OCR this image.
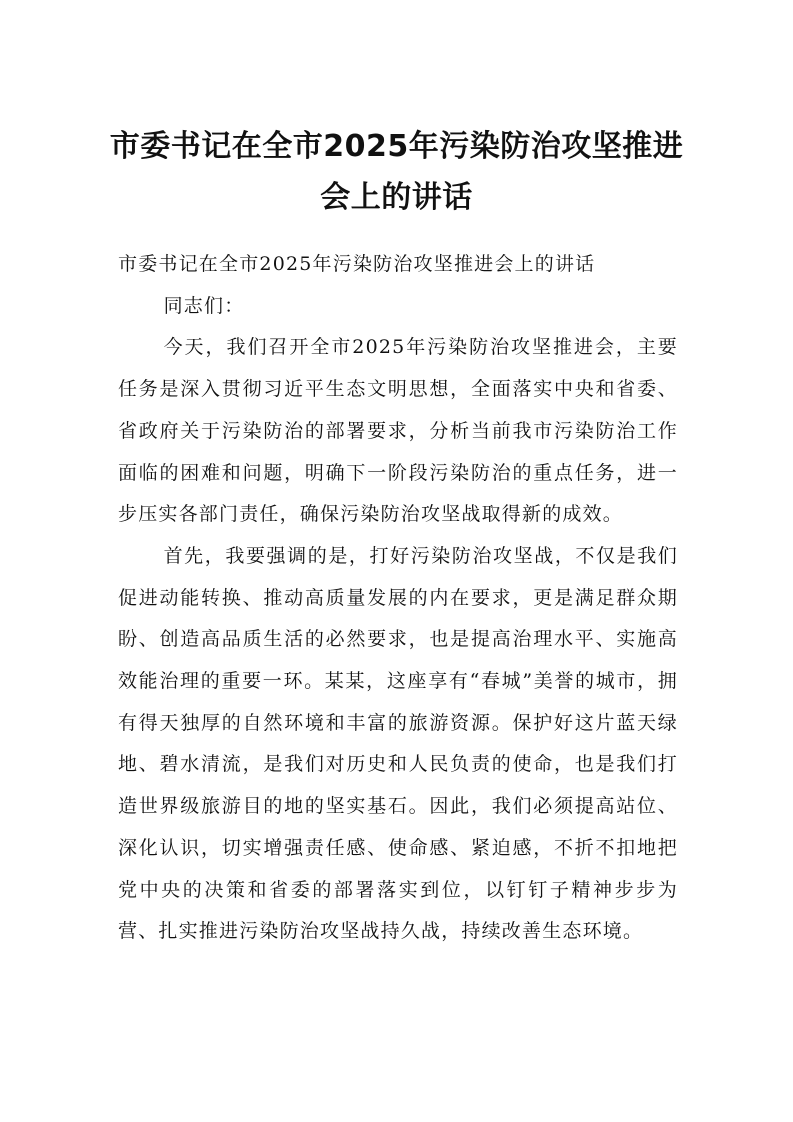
市委书记在全市2025年污染防治攻坚推进
会上的讲话

市委书记在全市2025年污染防治攻坚推进会上的讲话

同志们：

今天，我们召开全市2025年污染防治攻坚推进会，主要任务是深入贯彻习近平生态文明思想，全面落实中央和省委、省政府关于污染防治的部署要求，分析当前我市污染防治工作面临的困难和问题，明确下一阶段污染防治的重点任务，进一步压实各部门责任，确保污染防治攻坚战取得新的成效。

首先，我要强调的是，打好污染防治攻坚战，不仅是我们促进动能转换、推动高质量发展的内在要求，更是满足群众期盼、创造高品质生活的必然要求，也是提高治理水平、实施高效能治理的重要一环。某某，这座享有“春城”美誉的城市，拥有得天独厚的自然环境和丰富的旅游资源。保护好这片蓝天绿地、碧水清流，是我们对历史和人民负责的使命，也是我们打造世界级旅游目的地的坚实基石。因此，我们必须提高站位、深化认识，切实增强责任感、使命感、紧迫感，不折不扣地把党中央的决策和省委的部署落实到位，以钉钉子精神步步为营、扎实推进污染防治攻坚战持久战，持续改善生态环境。
